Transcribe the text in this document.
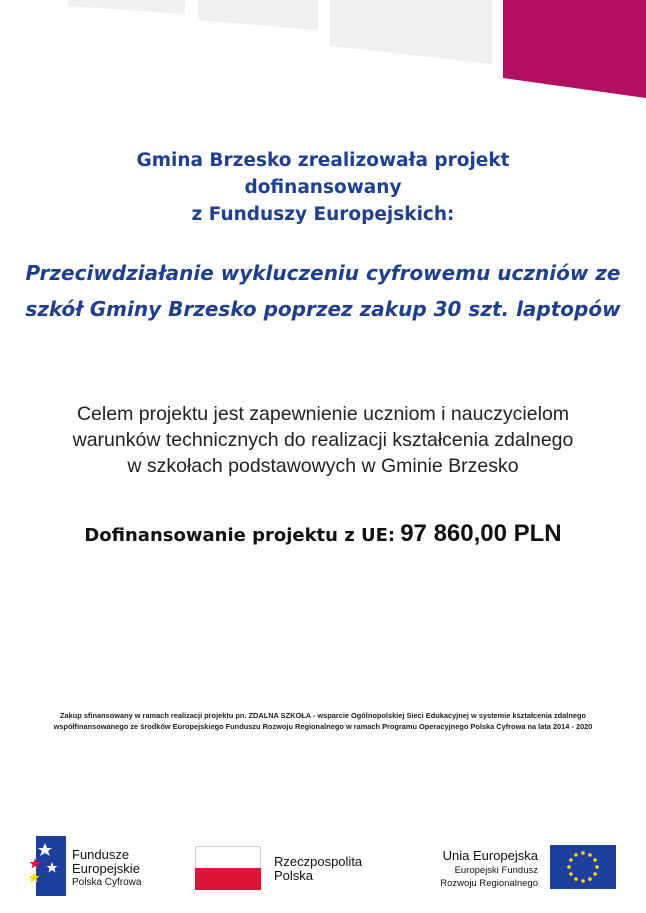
Gmina Brzesko zrealizowała projekt
dofinansowany
z Funduszy Europejskich:
Przeciwdziałanie wykluczeniu cyfrowemu uczniów ze szkół Gminy Brzesko poprzez zakup 30 szt. laptopów
Celem projektu jest zapewnienie uczniom i nauczycielom
warunków technicznych do realizacji kształcenia zdalnego
w szkołach podstawowych w Gminie Brzesko
Dofinansowanie projektu z UE: 97 860,00 PLN
Zakup sfinansowany w ramach realizacji projektu pn. ZDALNA SZKOŁA - wsparcie Ogólnopolskiej Sieci Edukacyjnej w systemie kształcenia zdalnego współfinansowanego ze środków Europejskiego Funduszu Rozwoju Regionalnego w ramach Programu Operacyjnego Polska Cyfrowa na lata 2014 - 2020
Fundusze
Europejskie
Polska Cyfrowa
Rzeczpospolita
Polska
Unia Europejska
Europejski Fundusz
Rozwoju Regionalnego
